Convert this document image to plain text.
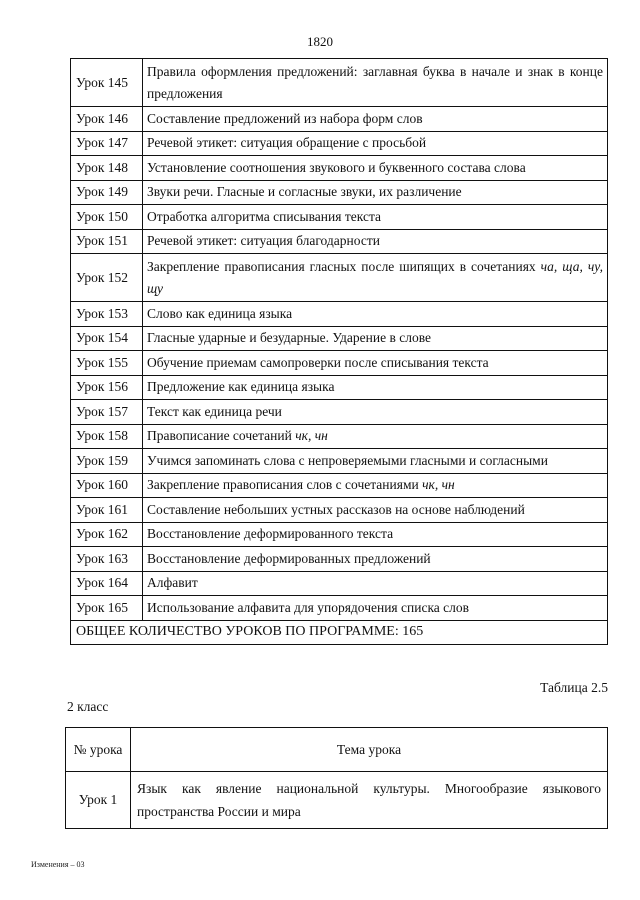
1820
Урок 145	Правила оформления предложений: заглавная буква в начале и знак в конце предложения
Урок 146	Составление предложений из набора форм слов
Урок 147	Речевой этикет: ситуация обращение с просьбой
Урок 148	Установление соотношения звукового и буквенного состава слова
Урок 149	Звуки речи. Гласные и согласные звуки, их различение
Урок 150	Отработка алгоритма списывания текста
Урок 151	Речевой этикет: ситуация благодарности
Урок 152	Закрепление правописания гласных после шипящих в сочетаниях ча, ща, чу, щу
Урок 153	Слово как единица языка
Урок 154	Гласные ударные и безударные. Ударение в слове
Урок 155	Обучение приемам самопроверки после списывания текста
Урок 156	Предложение как единица языка
Урок 157	Текст как единица речи
Урок 158	Правописание сочетаний чк, чн
Урок 159	Учимся запоминать слова с непроверяемыми гласными и согласными
Урок 160	Закрепление правописания слов с сочетаниями чк, чн
Урок 161	Составление небольших устных рассказов на основе наблюдений
Урок 162	Восстановление деформированного текста
Урок 163	Восстановление деформированных предложений
Урок 164	Алфавит
Урок 165	Использование алфавита для упорядочения списка слов
ОБЩЕЕ КОЛИЧЕСТВО УРОКОВ ПО ПРОГРАММЕ: 165	
Таблица 2.5
2 класс
№ урока	Тема урока
Урок 1	Язык как явление национальной культуры. Многообразие языкового пространства России и мира
Изменения – 03
